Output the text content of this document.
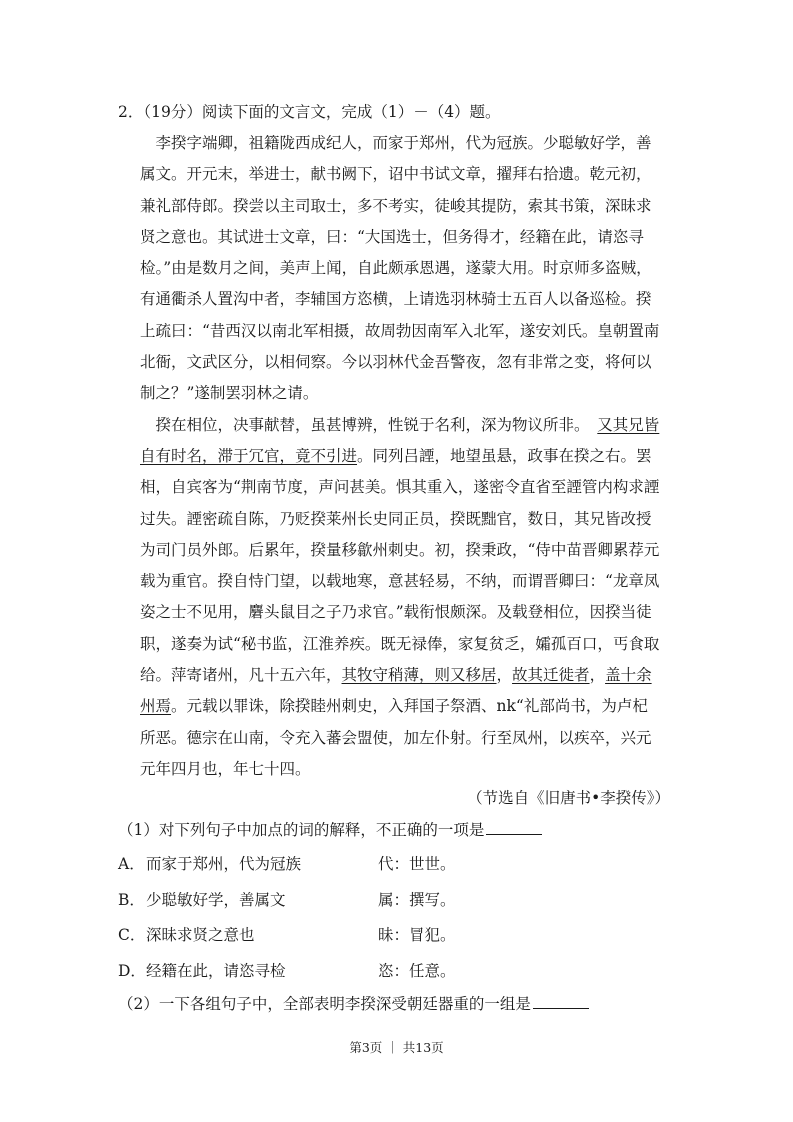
2．（19分）阅读下面的文言文，完成（1）－（4）题。

　李揆字端卿，祖籍陇西成纪人，而家于郑州，代为冠族。少聪敏好学，善属文。开元末，举进士，献书阙下，诏中书试文章，擢拜右拾遗。乾元初，兼礼部侍郎。揆尝以主司取士，多不考实，徒峻其提防，索其书策，深昧求贤之意也。其试进士文章，曰：“大国选士，但务得才，经籍在此，请恣寻检。”由是数月之间，美声上闻，自此颇承恩遇，遂蒙大用。时京师多盗贼，有通衢杀人置沟中者，李辅国方恣横，上请选羽林骑士五百人以备巡检。揆上疏曰：“昔西汉以南北军相摄，故周勃因南军入北军，遂安刘氏。皇朝置南北衙，文武区分，以相伺察。今以羽林代金吾警夜，忽有非常之变，将何以制之？”遂制罢羽林之请。

　揆在相位，决事献替，虽甚博辨，性锐于名利，深为物议所非。　 又其兄皆自有时名，滞于冗官，竟不引进。同列吕諲，地望虽悬，政事在揆之右。罢相，自宾客为“荆南节度，声问甚美。惧其重入，遂密令直省至諲管内构求諲过失。諲密疏自陈，乃贬揆莱州长史同正员，揆既黜官，数日，其兄皆改授为司门员外郎。后累年，揆量移歙州刺史。初，揆秉政，“侍中苗晋卿累荐元载为重官。揆自恃门望，以载地寒，意甚轻易，不纳，而谓晋卿曰：“龙章凤姿之士不见用，麏头鼠目之子乃求官。”载衔恨颇深。及载登相位，因揆当徒职，遂奏为试“秘书监，江淮养疾。既无禄俸，家复贫乏，孀孤百口，丐食取给。萍寄诸州，凡十五六年，其牧守稍薄，则又移居，故其迁徙者，盖十余州焉。元载以罪诛，除揆睦州刺史，入拜国子祭酒、nk“礼部尚书，为卢杞所恶。德宗在山南，令充入蕃会盟使，加左仆射。行至凤州，以疾卒，兴元元年四月也，年七十四。

（节选自《旧唐书•李揆传》）
（1）对下列句子中加点的词的解释，不正确的一项是
A．而家于郑州，代为冠族	代：世世。
B．少聪敏好学，善属文	属：撰写。
C．深昧求贤之意也	昧：冒犯。
D．经籍在此，请恣寻检	恣：任意。
（2）一下各组句子中，全部表明李揆深受朝廷器重的一组是
第3页 ｜ 共13页
